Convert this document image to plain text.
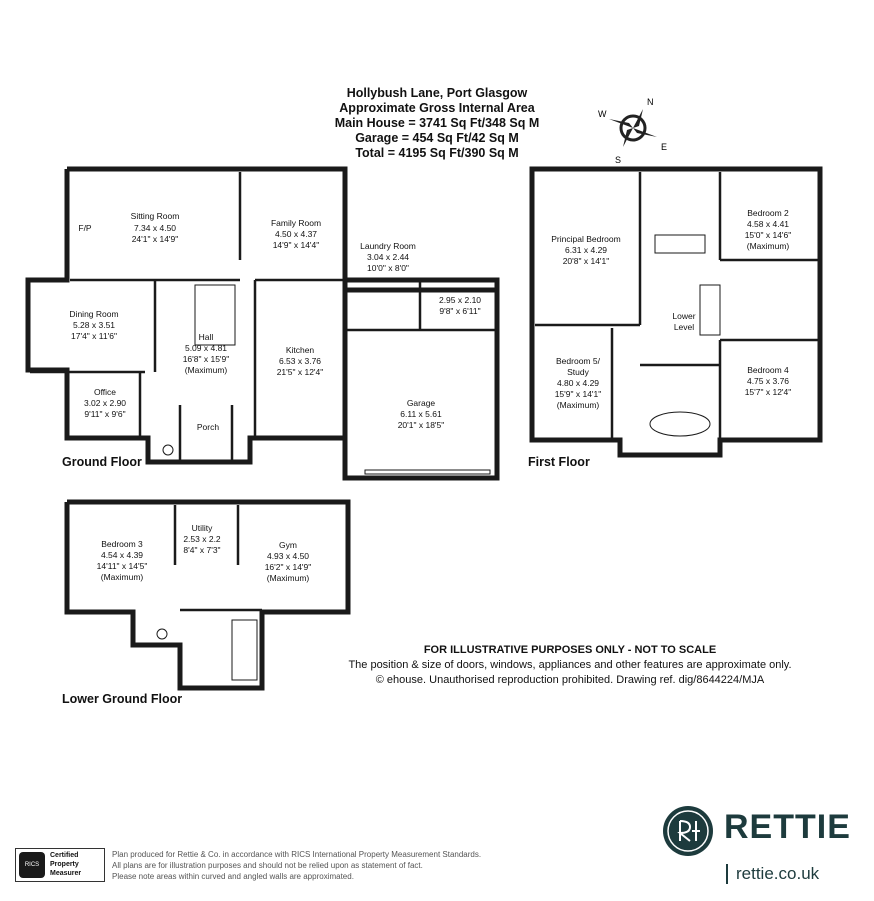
Hollybush Lane, Port Glasgow
Approximate Gross Internal Area
Main House = 3741 Sq Ft/348 Sq M
Garage = 454 Sq Ft/42 Sq M
Total = 4195 Sq Ft/390 Sq M
N
E
S
W
Sitting Room
7.34 x 4.50
24'1" x 14'9"
F/P	Family Room
4.50 x 4.37
14'9" x 14'4"	Laundry Room
3.04 x 2.44
10'0" x 8'0"
2.95 x 2.10
9'8" x 6'11"
Dining Room
5.28 x 3.51
17'4" x 11'6"	Hall
5.09 x 4.81
16'8" x 15'9"
(Maximum)
Kitchen
6.53 x 3.76
21'5" x 12'4"
Office
3.02 x 2.90
9'11" x 9'6"
Porch
Garage
6.11 x 5.61
20'1" x 18'5"
Principal Bedroom
6.31 x 4.29
20'8" x 14'1"
Bedroom 2
4.58 x 4.41
15'0" x 14'6"
(Maximum)
Lower
Level
Bedroom 5/
Study
4.80 x 4.29
15'9" x 14'1"
(Maximum)
Bedroom 4
4.75 x 3.76
15'7" x 12'4"
Bedroom 3
4.54 x 4.39
14'11" x 14'5"
(Maximum)
Utility
2.53 x 2.2
8'4" x 7'3"	Gym
4.93 x 4.50
16'2" x 14'9"
(Maximum)
Ground Floor	First Floor
Lower Ground Floor
FOR ILLUSTRATIVE PURPOSES ONLY - NOT TO SCALE
The position & size of doors, windows, appliances and other features are approximate only.
© ehouse. Unauthorised reproduction prohibited. Drawing ref. dig/8644224/MJA
RICS
Certified
Property
Measurer
Plan produced for Rettie & Co. in accordance with RICS International Property Measurement Standards.
All plans are for illustration purposes and should not be relied upon as statement of fact.
Please note areas within curved and angled walls are approximated.
RETTIE
rettie.co.uk
